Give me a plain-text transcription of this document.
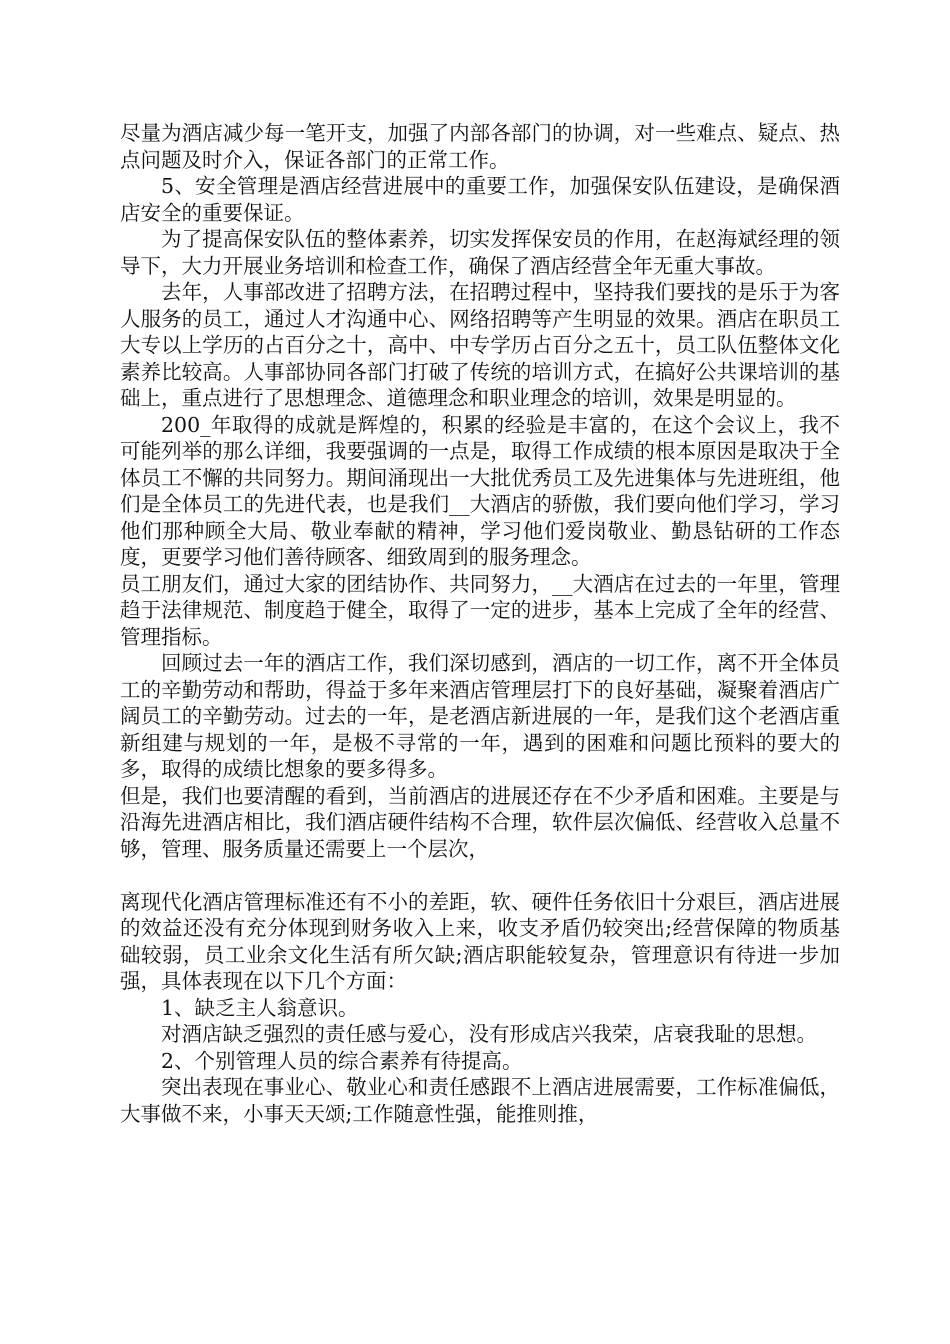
尽量为酒店减少每一笔开支，加强了内部各部门的协调，对一些难点、疑点、热点问题及时介入，保证各部门的正常工作。

5、安全管理是酒店经营进展中的重要工作，加强保安队伍建设，是确保酒店安全的重要保证。

为了提高保安队伍的整体素养，切实发挥保安员的作用，在赵海斌经理的领导下，大力开展业务培训和检查工作，确保了酒店经营全年无重大事故。

去年，人事部改进了招聘方法，在招聘过程中，坚持我们要找的是乐于为客人服务的员工，通过人才沟通中心、网络招聘等产生明显的效果。酒店在职员工大专以上学历的占百分之十，高中、中专学历占百分之五十，员工队伍整体文化素养比较高。人事部协同各部门打破了传统的培训方式，在搞好公共课培训的基础上，重点进行了思想理念、道德理念和职业理念的培训，效果是明显的。

200_年取得的成就是辉煌的，积累的经验是丰富的，在这个会议上，我不可能列举的那么详细，我要强调的一点是，取得工作成绩的根本原因是取决于全体员工不懈的共同努力。期间涌现出一大批优秀员工及先进集体与先进班组，他们是全体员工的先进代表，也是我们__大酒店的骄傲，我们要向他们学习，学习他们那种顾全大局、敬业奉献的精神，学习他们爱岗敬业、勤恳钻研的工作态度，更要学习他们善待顾客、细致周到的服务理念。

员工朋友们，通过大家的团结协作、共同努力，__大酒店在过去的一年里，管理趋于法律规范、制度趋于健全，取得了一定的进步，基本上完成了全年的经营、管理指标。

回顾过去一年的酒店工作，我们深切感到，酒店的一切工作，离不开全体员工的辛勤劳动和帮助，得益于多年来酒店管理层打下的良好基础，凝聚着酒店广阔员工的辛勤劳动。过去的一年，是老酒店新进展的一年，是我们这个老酒店重新组建与规划的一年，是极不寻常的一年，遇到的困难和问题比预料的要大的多，取得的成绩比想象的要多得多。

但是，我们也要清醒的看到，当前酒店的进展还存在不少矛盾和困难。主要是与沿海先进酒店相比，我们酒店硬件结构不合理，软件层次偏低、经营收入总量不够，管理、服务质量还需要上一个层次，

离现代化酒店管理标准还有不小的差距，软、硬件任务依旧十分艰巨，酒店进展的效益还没有充分体现到财务收入上来，收支矛盾仍较突出;经营保障的物质基础较弱，员工业余文化生活有所欠缺;酒店职能较复杂，管理意识有待进一步加强，具体表现在以下几个方面：

1、缺乏主人翁意识。

对酒店缺乏强烈的责任感与爱心，没有形成店兴我荣，店衰我耻的思想。

2、个别管理人员的综合素养有待提高。

突出表现在事业心、敬业心和责任感跟不上酒店进展需要，工作标准偏低，大事做不来，小事天天颂;工作随意性强，能推则推，
